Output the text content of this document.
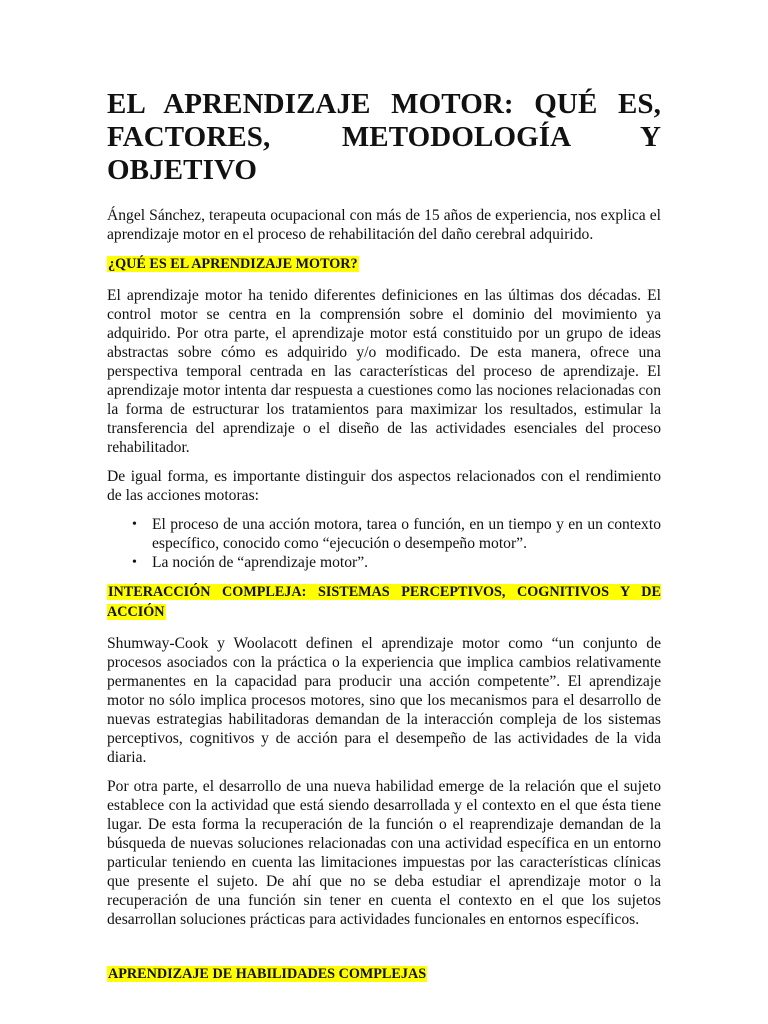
EL APRENDIZAJE MOTOR: QUÉ ES,
FACTORES, METODOLOGÍA Y OBJETIVO

Ángel Sánchez, terapeuta ocupacional con más de 15 años de experiencia, nos explica el aprendizaje motor en el proceso de rehabilitación del daño cerebral adquirido.

¿QUÉ ES EL APRENDIZAJE MOTOR?

El aprendizaje motor ha tenido diferentes definiciones en las últimas dos décadas. El control motor se centra en la comprensión sobre el dominio del movimiento ya adquirido. Por otra parte, el aprendizaje motor está constituido por un grupo de ideas abstractas sobre cómo es adquirido y/o modificado. De esta manera, ofrece una perspectiva temporal centrada en las características del proceso de aprendizaje. El aprendizaje motor intenta dar respuesta a cuestiones como las nociones relacionadas con la forma de estructurar los tratamientos para maximizar los resultados, estimular la transferencia del aprendizaje o el diseño de las actividades esenciales del proceso rehabilitador.

De igual forma, es importante distinguir dos aspectos relacionados con el rendimiento de las acciones motoras:

• El proceso de una acción motora, tarea o función, en un tiempo y en un contexto específico, conocido como “ejecución o desempeño motor”.
• La noción de “aprendizaje motor”.
INTERACCIÓN COMPLEJA: SISTEMAS PERCEPTIVOS, COGNITIVOS Y DE ACCIÓN

Shumway-Cook y Woolacott definen el aprendizaje motor como “un conjunto de procesos asociados con la práctica o la experiencia que implica cambios relativamente permanentes en la capacidad para producir una acción competente”. El aprendizaje motor no sólo implica procesos motores, sino que los mecanismos para el desarrollo de nuevas estrategias habilitadoras demandan de la interacción compleja de los sistemas perceptivos, cognitivos y de acción para el desempeño de las actividades de la vida diaria.

Por otra parte, el desarrollo de una nueva habilidad emerge de la relación que el sujeto establece con la actividad que está siendo desarrollada y el contexto en el que ésta tiene lugar. De esta forma la recuperación de la función o el reaprendizaje demandan de la búsqueda de nuevas soluciones relacionadas con una actividad específica en un entorno particular teniendo en cuenta las limitaciones impuestas por las características clínicas que presente el sujeto. De ahí que no se deba estudiar el aprendizaje motor o la recuperación de una función sin tener en cuenta el contexto en el que los sujetos desarrollan soluciones prácticas para actividades funcionales en entornos específicos.

APRENDIZAJE DE HABILIDADES COMPLEJAS
